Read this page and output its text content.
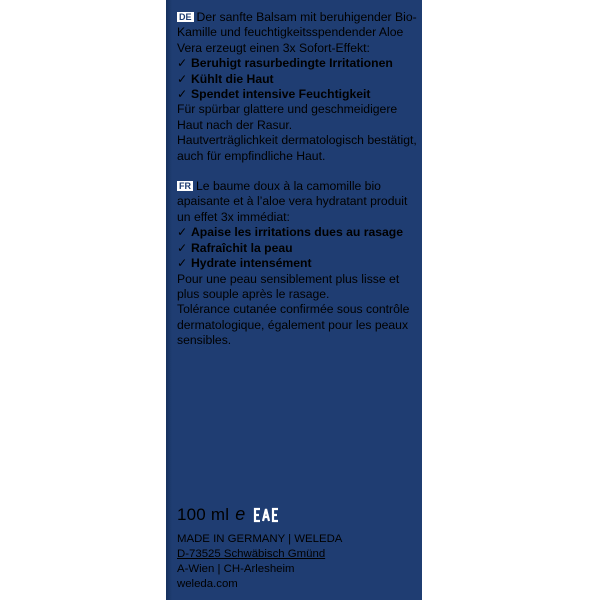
DE Der sanfte Balsam mit beruhigender Bio-Kamille und feuchtigkeitsspendender Aloe Vera erzeugt einen 3x Sofort-Effekt:

✓ Beruhigt rasurbedingte Irritationen
✓ Kühlt die Haut
✓ Spendet intensive Feuchtigkeit

Für spürbar glattere und geschmeidigere Haut nach der Rasur.

Hautverträglichkeit dermatologisch bestätigt, auch für empfindliche Haut.

FR Le baume doux à la camomille bio apaisante et à l’aloe vera hydratant produit un effet 3x immédiat:

✓ Apaise les irritations dues au rasage
✓ Rafraîchit la peau
✓ Hydrate intensément

Pour une peau sensiblement plus lisse et plus souple après le rasage.

Tolérance cutanée confirmée sous contrôle dermatologique, également pour les peaux sensibles.

100 ml e	EAC
MADE IN GERMANY | WELEDA
D-73525 Schwäbisch Gmünd
A-Wien | CH-Arlesheim
weleda.com
